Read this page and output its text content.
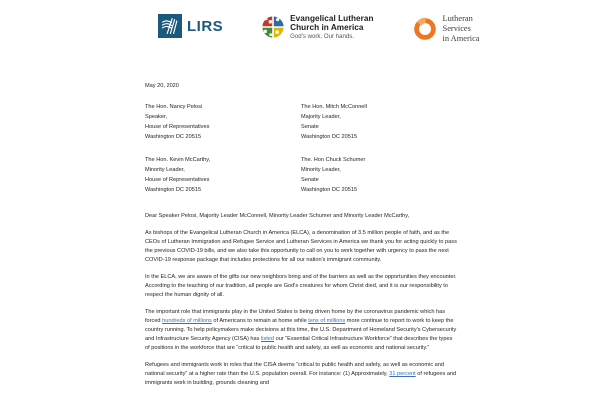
LIRS	Evangelical Lutheran
Church in America
God's work. Our hands.
Lutheran
Services
in America
May 20, 2020
The Hon. Nancy Pelosi
Speaker,
House of Representatives
Washington DC 20515
The Hon. Mitch McConnell
Majority Leader,
Senate
Washington DC 20515
The Hon. Kevin McCarthy,
Minority Leader,
House of Representatives
Washington DC 20515
The. Hon Chuck Schumer
Minority Leader,
Senate
Washington DC 20515
Dear Speaker Pelosi, Majority Leader McConnell, Minority Leader Schumer and Minority Leader McCarthy,

As bishops of the Evangelical Lutheran Church in America (ELCA), a denomination of 3.5 million people of faith, and as the CEOs of Lutheran Immigration and Refugee Service and Lutheran Services in America we thank you for acting quickly to pass the previous COVID-19 bills, and we also take this opportunity to call on you to work together with urgency to pass the next COVID-19 response package that includes protections for all our nation's immigrant community.

In the ELCA, we are aware of the gifts our new neighbors bring and of the barriers as well as the opportunities they encounter. According to the teaching of our tradition, all people are God's creatures for whom Christ died, and it is our responsibility to respect the human dignity of all.

The important role that immigrants play in the United States is being driven home by the coronavirus pandemic which has forced hundreds of millions of Americans to remain at home while tens of millions more continue to report to work to keep the country running. To help policymakers make decisions at this time, the U.S. Department of Homeland Security's Cybersecurity and Infrastructure Security Agency (CISA) has listed our “Essential Critical Infrastructure Workforce” that describes the types of positions in the workforce that are “critical to public health and safety, as well as economic and national security.”

Refugees and immigrants work in roles that the CISA deems “critical to public health and safety, as well as economic and national security” at a higher rate than the U.S. population overall. For instance: (1) Approximately, 31 percent of refugees and immigrants work in building, grounds cleaning and
